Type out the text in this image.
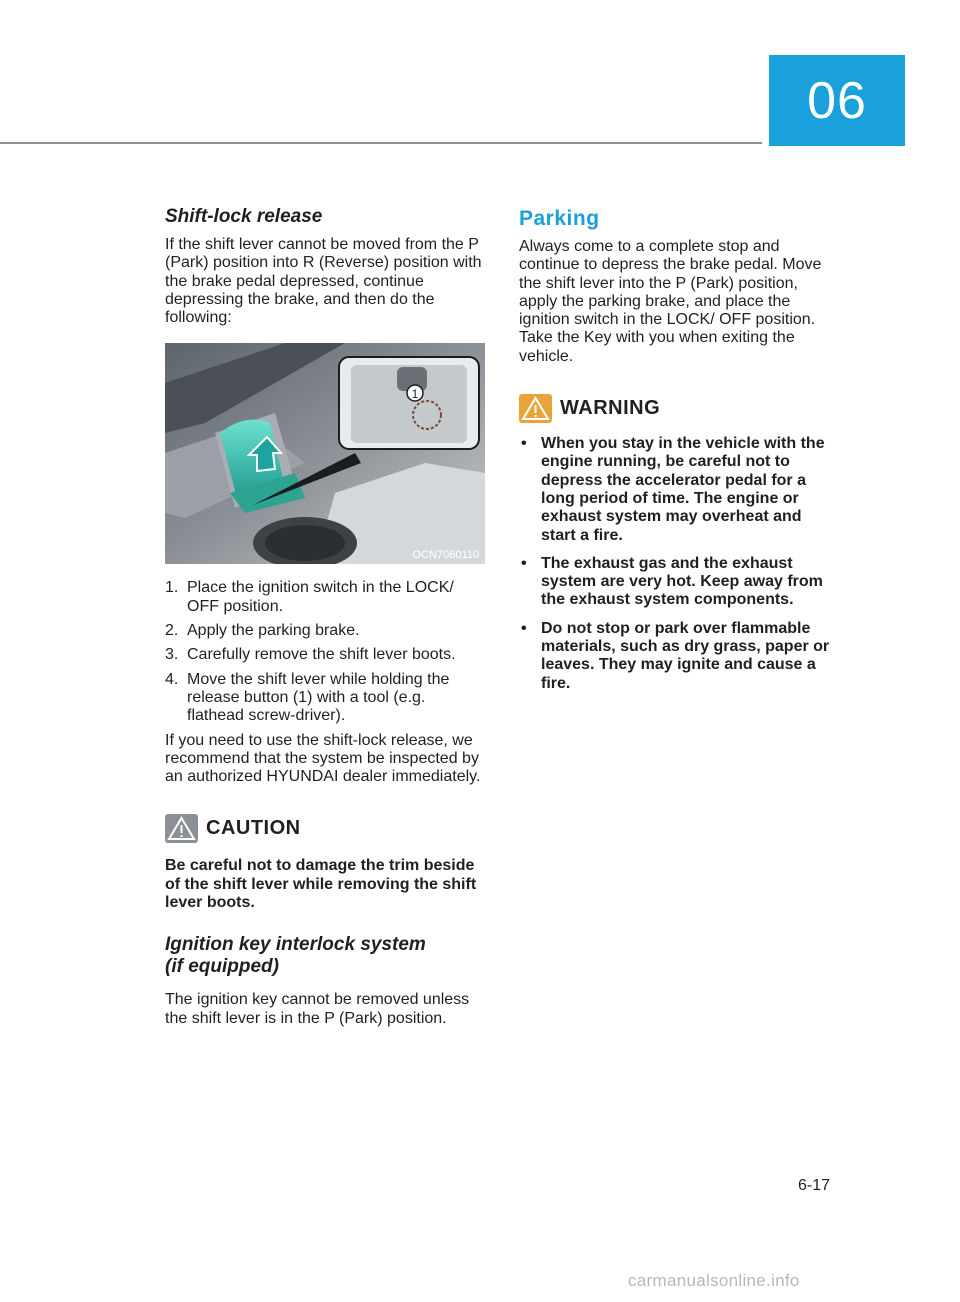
06
Shift-lock release

If the shift lever cannot be moved from the P (Park) position into R (Reverse) position with the brake pedal depressed, continue depressing the brake, and then do the following:

1
OCN7060110
1. Place the ignition switch in the LOCK/ OFF position.
2. Apply the parking brake.
3. Carefully remove the shift lever boots.
4. Move the shift lever while holding the release button (1) with a tool (e.g. flathead screw-driver).

If you need to use the shift-lock release, we recommend that the system be inspected by an authorized HYUNDAI dealer immediately.

CAUTION

Be careful not to damage the trim beside of the shift lever while removing the shift lever boots.

Ignition key interlock system
(if equipped)

The ignition key cannot be removed unless the shift lever is in the P (Park) position.

Parking

Always come to a complete stop and continue to depress the brake pedal. Move the shift lever into the P (Park) position, apply the parking brake, and place the ignition switch in the LOCK/ OFF position. Take the Key with you when exiting the vehicle.

WARNING
• When you stay in the vehicle with the engine running, be careful not to depress the accelerator pedal for a long period of time. The engine or exhaust system may overheat and start a fire.
• The exhaust gas and the exhaust system are very hot. Keep away from the exhaust system components.
• Do not stop or park over flammable materials, such as dry grass, paper or leaves. They may ignite and cause a fire.
6-17
carmanualsonline.info
